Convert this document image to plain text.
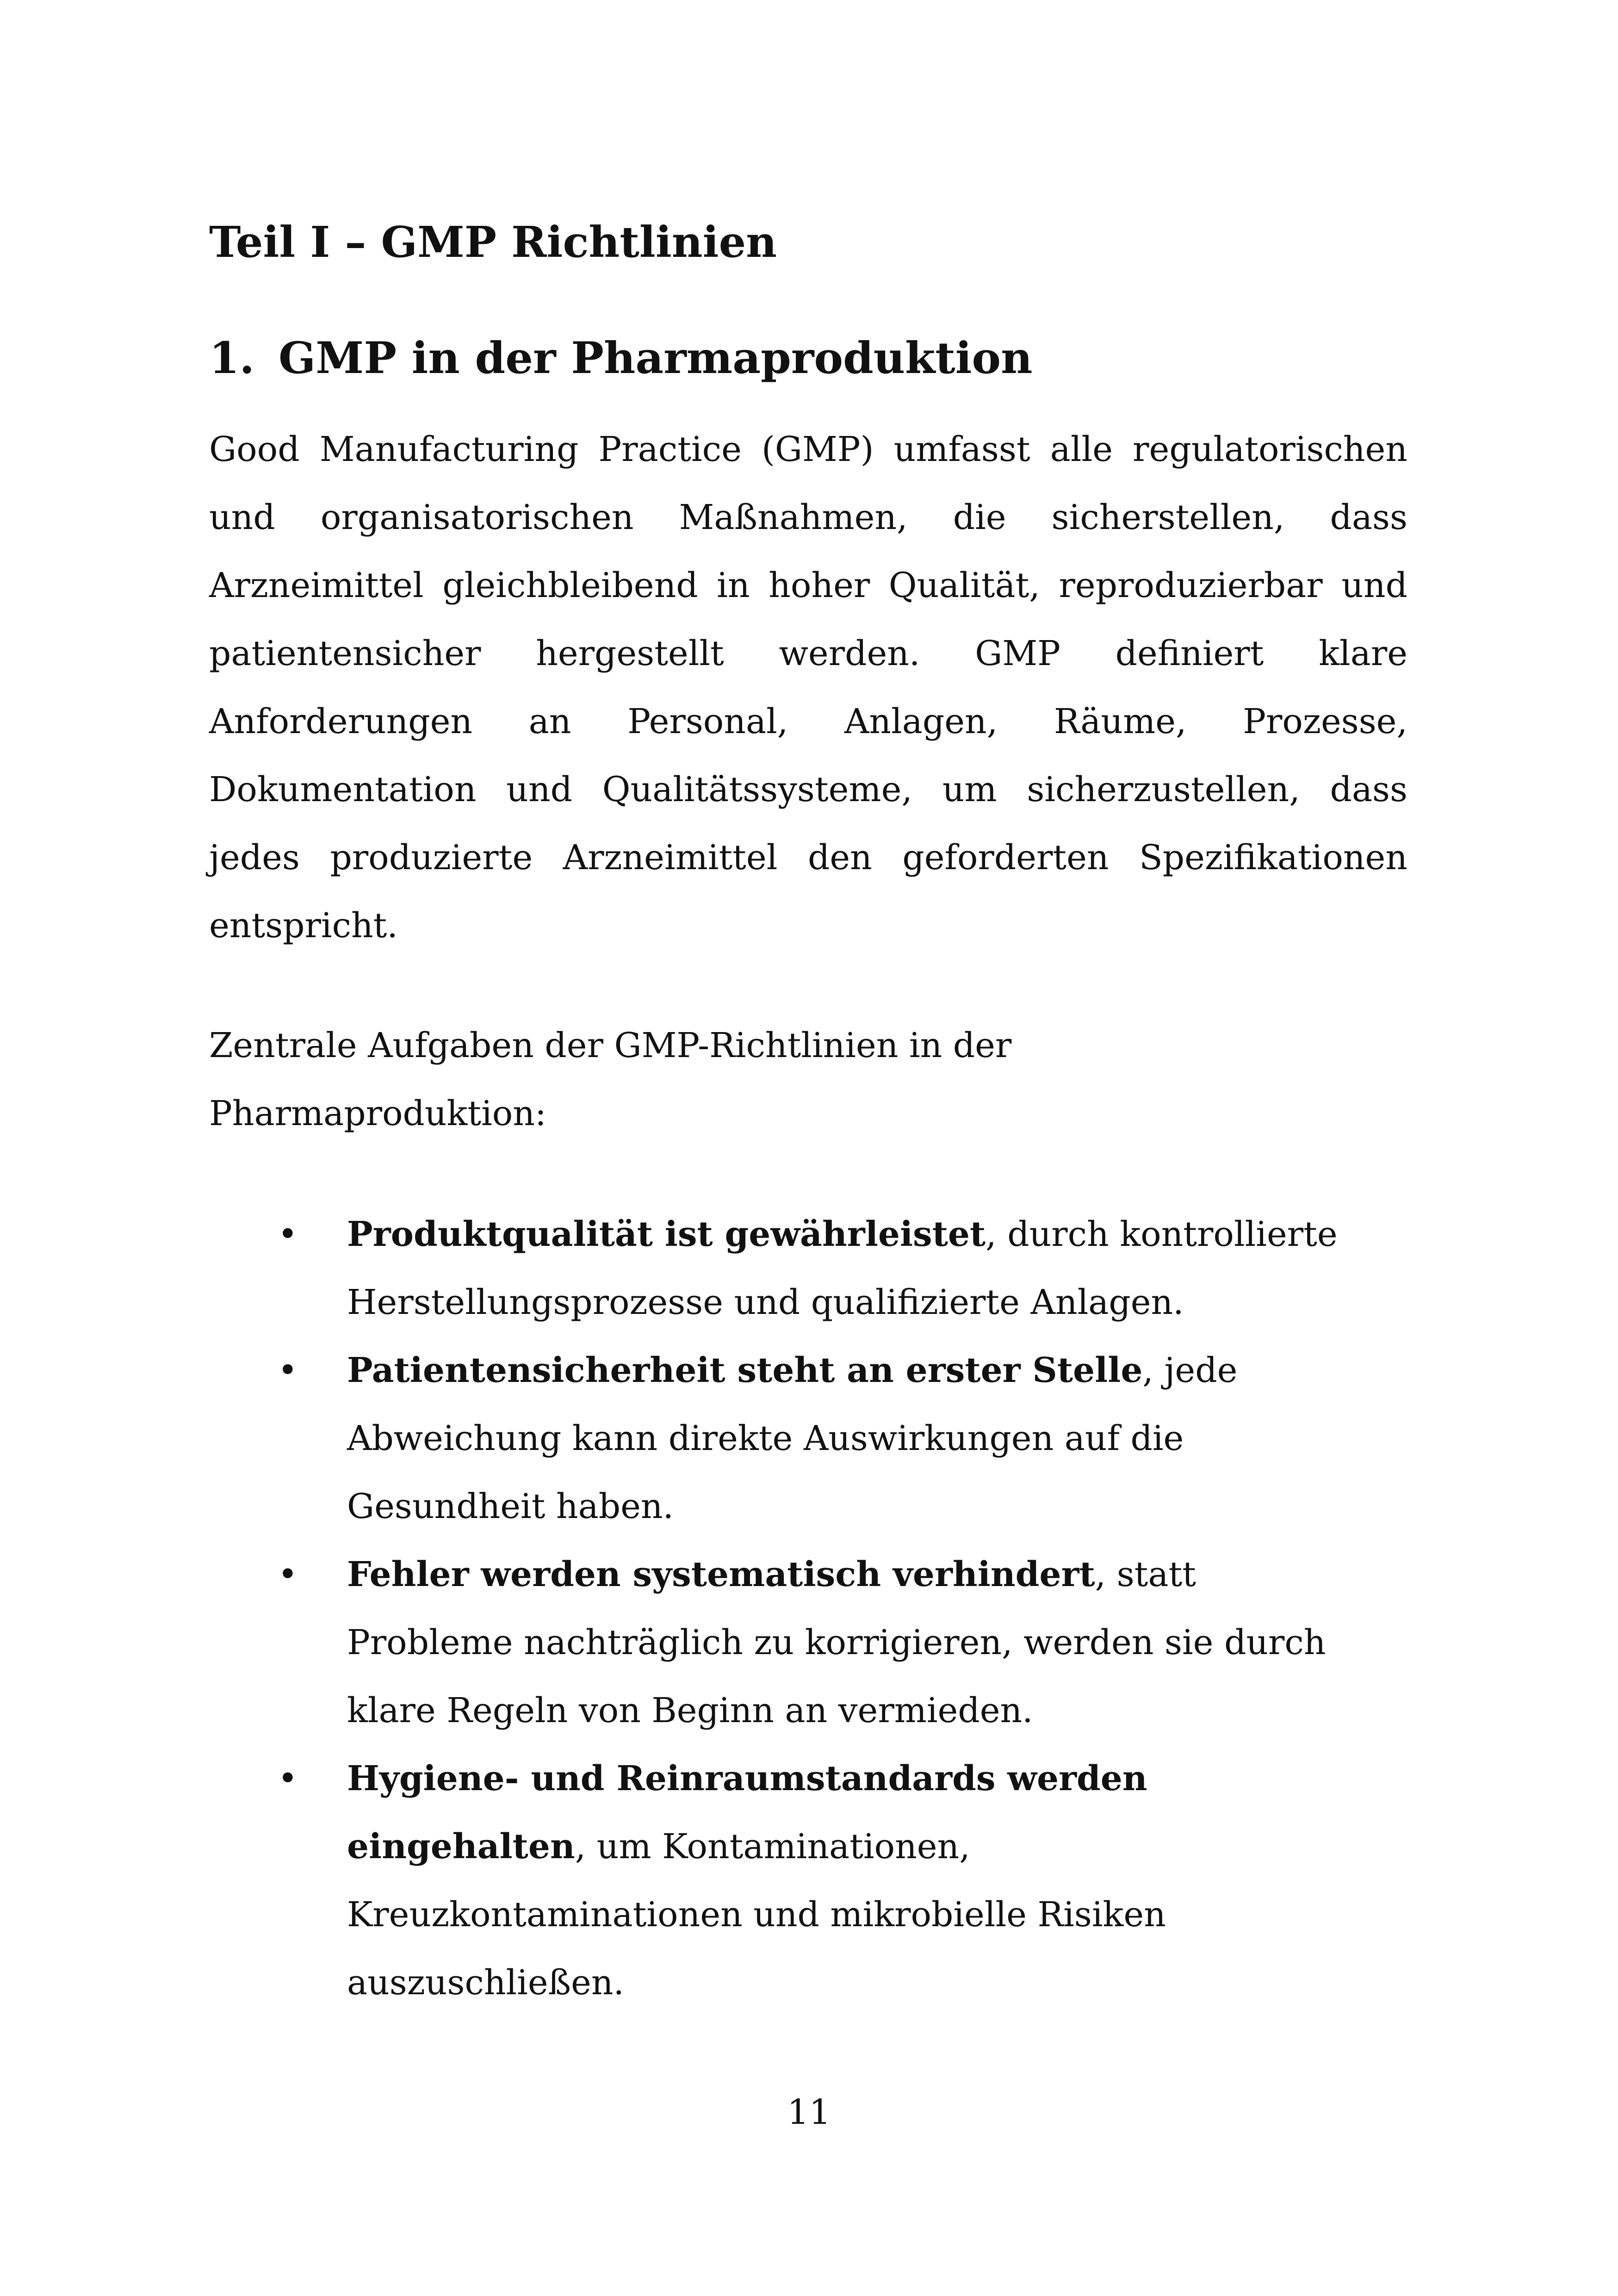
Teil I – GMP Richtlinien
1. GMP in der Pharmaproduktion

Good Manufacturing Practice (GMP) umfasst alle regulatorischen und organisatorischen Maßnahmen, die sicherstellen, dass Arzneimittel gleichbleibend in hoher Qualität, reproduzierbar und patientensicher hergestellt werden. GMP definiert klare Anforderungen an Personal, Anlagen, Räume, Prozesse, Dokumentation und Qualitätssysteme, um sicherzustellen, dass jedes produzierte Arzneimittel den geforderten Spezifikationen entspricht.

Zentrale Aufgaben der GMP-Richtlinien in der
Pharmaproduktion:

• Produktqualität ist gewährleistet, durch kontrollierte
Herstellungsprozesse und qualifizierte Anlagen.
• Patientensicherheit steht an erster Stelle, jede
Abweichung kann direkte Auswirkungen auf die
Gesundheit haben.
• Fehler werden systematisch verhindert, statt
Probleme nachträglich zu korrigieren, werden sie durch
klare Regeln von Beginn an vermieden.
• Hygiene- und Reinraumstandards werden
eingehalten, um Kontaminationen,
Kreuzkontaminationen und mikrobielle Risiken
auszuschließen.

11
